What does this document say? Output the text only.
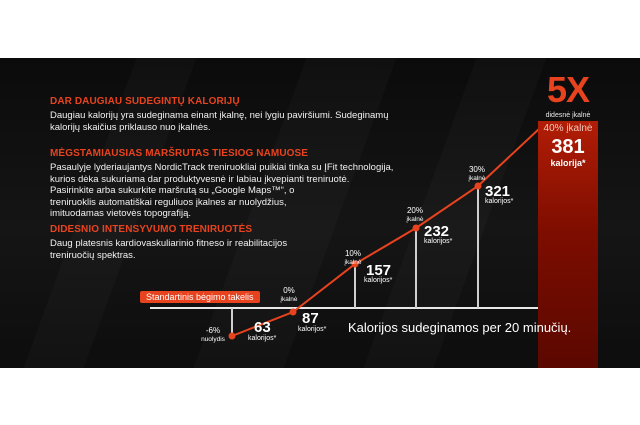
DAR DAUGIAU SUDEGINTŲ KALORIJŲ
Daugiau kalorijų yra sudeginama einant įkalnę, nei lygiu paviršiumi. Sudeginamų
kalorijų skaičius priklauso nuo įkalnės.
MĖGSTAMIAUSIAS MARŠRUTAS TIESIOG NAMUOSE
Pasaulyje lyderiaujantys NordicTrack treniruokliai puikiai tinka su ĮFit technologija,
kurios dėka sukuriama dar produktyvesnė ir labiau įkvepianti treniruotė.
Pasirinkite arba sukurkite maršrutą su „Google Maps™“, o
treniruoklis automatiškai reguliuos įkalnes ar nuolydžius,
imituodamas vietovės topografiją.
DIDESNIO INTENSYVUMO TRENIRUOTĖS
Daug platesnis kardiovaskuliarinio fitneso ir reabilitacijos
treniruočių spektras.
5X
didesnė įkalnė
40% įkalnė
381
kalorija*
-6%
nuolydis
63
kalorijos*
0%
įkalnė
87
kalorijos*
10%
įkalnė 157
kalorijos*
20%
įkalnė
232
kalorijos*
30%
įkalnė
321
kalorijos*
Standartinis bėgimo takelis
Kalorijos sudeginamos per 20 minučių.
